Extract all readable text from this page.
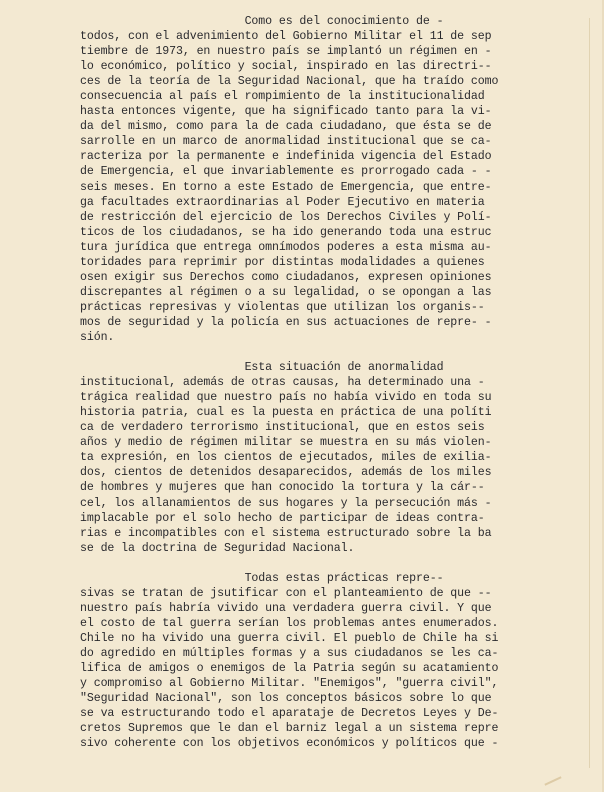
Como es del conocimiento de -
todos, con el advenimiento del Gobierno Militar el 11 de sep
tiembre de 1973, en nuestro país se implantó un régimen en -
lo económico, político y social, inspirado en las directri--
ces de la teoría de la Seguridad Nacional, que ha traído como
consecuencia al país el rompimiento de la institucionalidad
hasta entonces vigente, que ha significado tanto para la vi-
da del mismo, como para la de cada ciudadano, que ésta se de
sarrolle en un marco de anormalidad institucional que se ca-
racteriza por la permanente e indefinida vigencia del Estado
de Emergencia, el que invariablemente es prorrogado cada - -
seis meses. En torno a este Estado de Emergencia, que entre-
ga facultades extraordinarias al Poder Ejecutivo en materia
de restricción del ejercicio de los Derechos Civiles y Polí-
ticos de los ciudadanos, se ha ido generando toda una estruc
tura jurídica que entrega omnímodos poderes a esta misma au-
toridades para reprimir por distintas modalidades a quienes
osen exigir sus Derechos como ciudadanos, expresen opiniones
discrepantes al régimen o a su legalidad, o se opongan a las
prácticas represivas y violentas que utilizan los organis--
mos de seguridad y la policía en sus actuaciones de repre- -
sión.
Esta situación de anormalidad
institucional, además de otras causas, ha determinado una -
trágica realidad que nuestro país no había vivido en toda su
historia patria, cual es la puesta en práctica de una políti
ca de verdadero terrorismo institucional, que en estos seis
años y medio de régimen militar se muestra en su más violen-
ta expresión, en los cientos de ejecutados, miles de exilia-
dos, cientos de detenidos desaparecidos, además de los miles
de hombres y mujeres que han conocido la tortura y la cár--
cel, los allanamientos de sus hogares y la persecución más -
implacable por el solo hecho de participar de ideas contra-
rias e incompatibles con el sistema estructurado sobre la ba
se de la doctrina de Seguridad Nacional.
Todas estas prácticas repre--
sivas se tratan de jsutificar con el planteamiento de que --
nuestro país habría vivido una verdadera guerra civil. Y que
el costo de tal guerra serían los problemas antes enumerados.
Chile no ha vivido una guerra civil. El pueblo de Chile ha si
do agredido en múltiples formas y a sus ciudadanos se les ca-
lifica de amigos o enemigos de la Patria según su acatamiento
y compromiso al Gobierno Militar. "Enemigos", "guerra civil",
"Seguridad Nacional", son los conceptos básicos sobre lo que
se va estructurando todo el aparataje de Decretos Leyes y De-
cretos Supremos que le dan el barniz legal a un sistema repre
sivo coherente con los objetivos económicos y políticos que -
